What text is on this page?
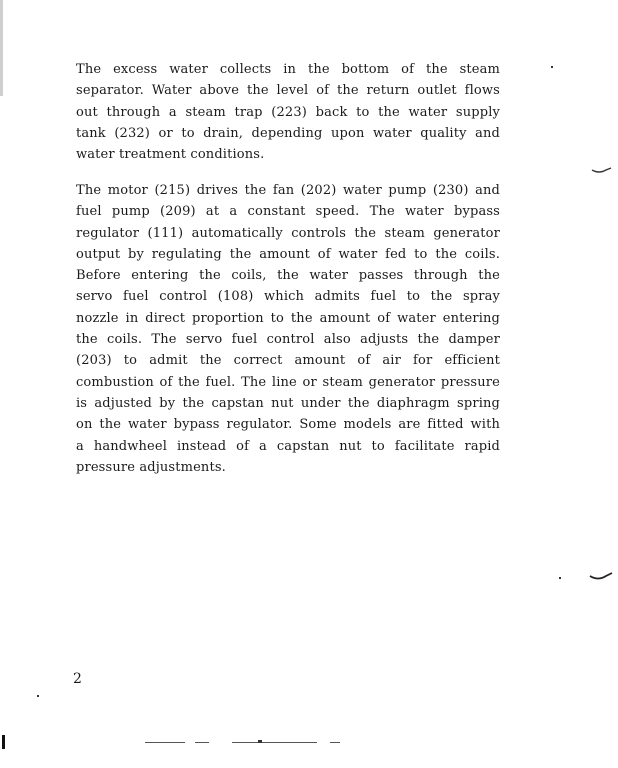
The excess water collects in the bottom of the steam
separator. Water above the level of the return outlet flows
out through a steam trap (223) back to the water supply
tank (232) or to drain, depending upon water quality and
water treatment conditions.
The motor (215) drives the fan (202) water pump (230) and
fuel pump (209) at a constant speed. The water bypass
regulator (111) automatically controls the steam generator
output by regulating the amount of water fed to the coils.
Before entering the coils, the water passes through the
servo fuel control (108) which admits fuel to the spray
nozzle in direct proportion to the amount of water entering
the coils. The servo fuel control also adjusts the damper
(203) to admit the correct amount of air for efficient
combustion of the fuel. The line or steam generator pressure
is adjusted by the capstan nut under the diaphragm spring
on the water bypass regulator. Some models are fitted with
a handwheel instead of a capstan nut to facilitate rapid
pressure adjustments.
2
